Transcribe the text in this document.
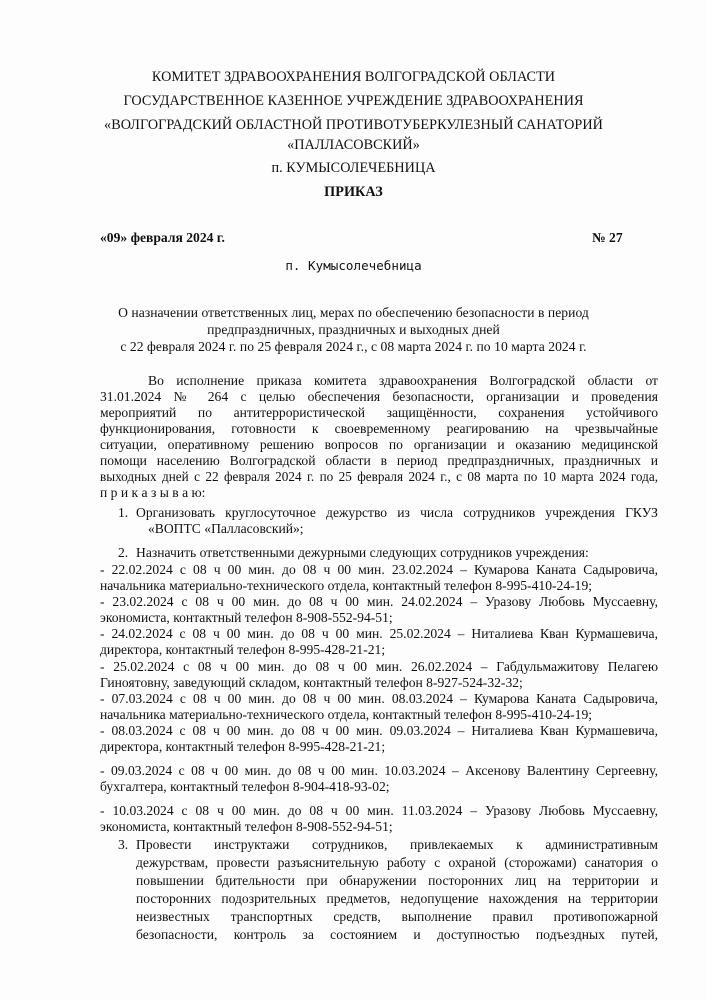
КОМИТЕТ ЗДРАВООХРАНЕНИЯ ВОЛГОГРАДСКОЙ ОБЛАСТИ
ГОСУДАРСТВЕННОЕ КАЗЕННОЕ УЧРЕЖДЕНИЕ ЗДРАВООХРАНЕНИЯ
«ВОЛГОГРАДСКИЙ ОБЛАСТНОЙ ПРОТИВОТУБЕРКУЛЕЗНЫЙ САНАТОРИЙ
«ПАЛЛАСОВСКИЙ»
п. КУМЫСОЛЕЧЕБНИЦА
ПРИКАЗ
«09» февраля 2024 г.	№ 27
п. Кумысолечебница
О назначении ответственных лиц, мерах по обеспечению безопасности в период
предпраздничных, праздничных и выходных дней
с 22 февраля 2024 г. по 25 февраля 2024 г., с 08 марта 2024 г. по 10 марта 2024 г.
Во исполнение приказа комитета здравоохранения Волгоградской области от
31.01.2024 № 264 с целью обеспечения безопасности, организации и проведения
мероприятий по антитеррористической защищённости, сохранения устойчивого
функционирования, готовности к своевременному реагированию на чрезвычайные
ситуации, оперативному решению вопросов по организации и оказанию медицинской
помощи населению Волгоградской области в период предпраздничных, праздничных и
выходных дней с 22 февраля 2024 г. по 25 февраля 2024 г., с 08 марта по 10 марта 2024 года,
п р и к а з ы в а ю:
1. Организовать круглосуточное дежурство из числа сотрудников учреждения ГКУЗ
«ВОПТС «Палласовский»;
2. Назначить ответственными дежурными следующих сотрудников учреждения:
- 22.02.2024 с 08 ч 00 мин. до 08 ч 00 мин. 23.02.2024 – Кумарова Каната Садыровича,
начальника материально-технического отдела, контактный телефон 8-995-410-24-19;
- 23.02.2024 с 08 ч 00 мин. до 08 ч 00 мин. 24.02.2024 – Уразову Любовь Муссаевну,
экономиста, контактный телефон 8-908-552-94-51;
- 24.02.2024 с 08 ч 00 мин. до 08 ч 00 мин. 25.02.2024 – Ниталиева Кван Курмашевича,
директора, контактный телефон 8-995-428-21-21;
- 25.02.2024 с 08 ч 00 мин. до 08 ч 00 мин. 26.02.2024 – Габдульмажитову Пелагею
Гиноятовну, заведующий складом, контактный телефон 8-927-524-32-32;
- 07.03.2024 с 08 ч 00 мин. до 08 ч 00 мин. 08.03.2024 – Кумарова Каната Садыровича,
начальника материально-технического отдела, контактный телефон 8-995-410-24-19;
- 08.03.2024 с 08 ч 00 мин. до 08 ч 00 мин. 09.03.2024 – Ниталиева Кван Курмашевича,
директора, контактный телефон 8-995-428-21-21;
- 09.03.2024 с 08 ч 00 мин. до 08 ч 00 мин. 10.03.2024 – Аксенову Валентину Сергеевну,
бухгалтера, контактный телефон 8-904-418-93-02;
- 10.03.2024 с 08 ч 00 мин. до 08 ч 00 мин. 11.03.2024 – Уразову Любовь Муссаевну,
экономиста, контактный телефон 8-908-552-94-51;
3. Провести инструктажи сотрудников, привлекаемых к административным
дежурствам, провести разъяснительную работу с охраной (сторожами) санатория о
повышении бдительности при обнаружении посторонних лиц на территории и
посторонних подозрительных предметов, недопущение нахождения на территории
неизвестных транспортных средств, выполнение правил противопожарной
безопасности, контроль за состоянием и доступностью подъездных путей,
